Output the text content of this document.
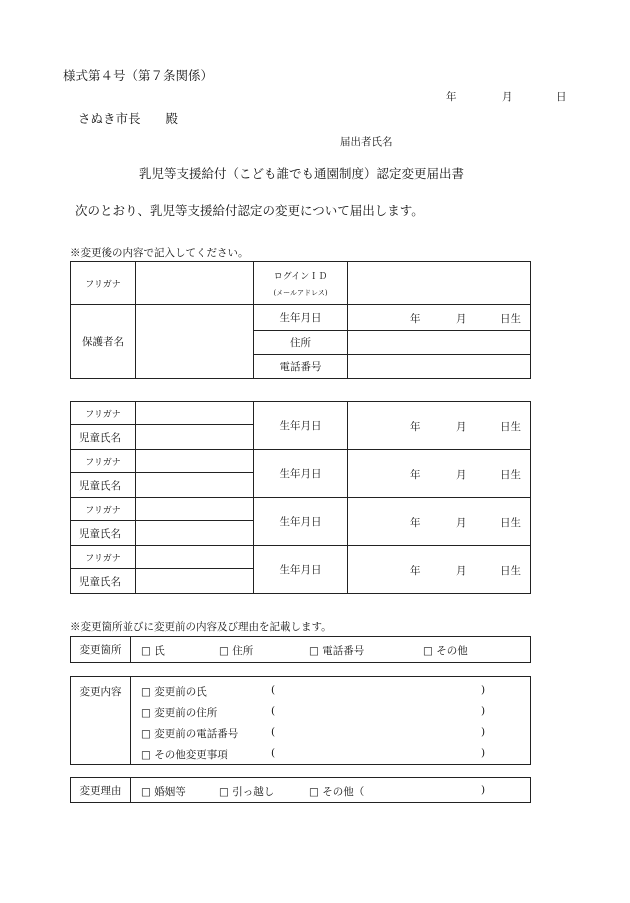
様式第４号（第７条関係）
年	月	日
さぬき市長　　殿
届出者氏名
乳児等支援給付（こども誰でも通園制度）認定変更届出書
次のとおり、乳児等支援給付認定の変更について届出します。
※変更後の内容で記入してください。
フリガナ		ログインＩＤ
(メールアドレス)	

保護者名		生年月日	年 月 日生

		住所	
		電話番号	
フリガナ		生年月日	年 月 日生

児童氏名			
フリガナ		生年月日	年 月 日生

児童氏名			
フリガナ		生年月日	年 月 日生

児童氏名			
フリガナ		生年月日	年 月 日生

児童氏名			
※変更箇所並びに変更前の内容及び理由を記載します。
変更箇所	□ 氏	□ 住所	□ 電話番号	□ その他
変更内容	□ 変更前の氏	(	)
□ 変更前の住所	(	)
□ 変更前の電話番号	(	)
□ その他変更事項	(	)
変更理由	□ 婚姻等	□ 引っ越し	□ その他（	)
